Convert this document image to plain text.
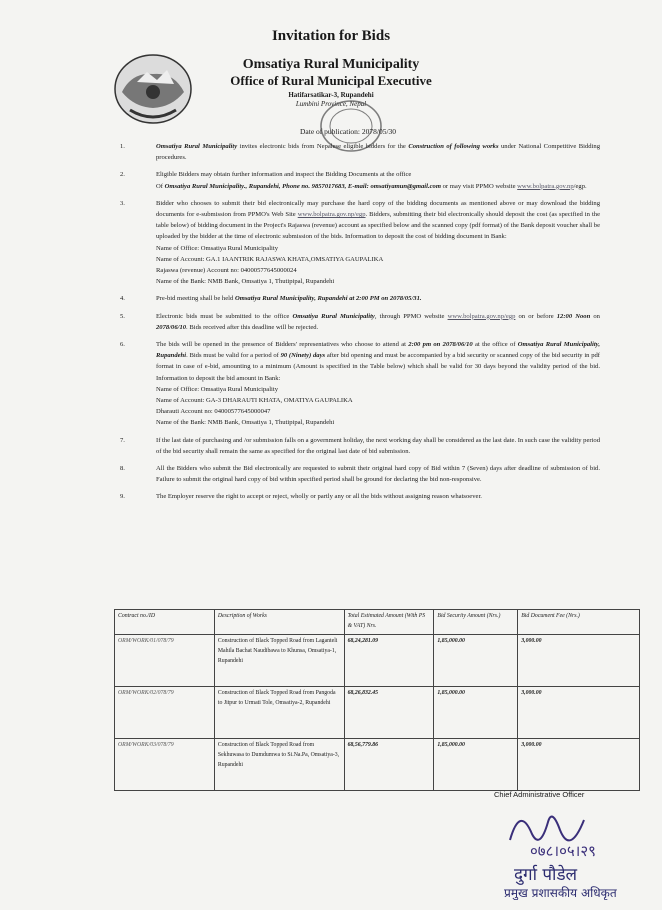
Invitation for Bids
Omsatiya Rural Municipality
Office of Rural Municipal Executive
Hatifarsatikar-3, Rupandehi
Lumbini Province, Nepal
Date of publication: 2078/05/30
1.	Omsatiya Rural Municipality invites electronic bids from Nepalese eligible bidders for the Construction of following works under National Competitive Bidding procedures.

2.	Eligible Bidders may obtain further information and inspect the Bidding Documents at the office

Of Omsatiya Rural Municipality., Rupandehi, Phone no. 9857017683, E-mail: omsatiyamun@gmail.com or may visit PPMO website www.bolpatra.gov.np/egp.

3.	Bidder who chooses to submit their bid electronically may purchase the hard copy of the bidding documents as mentioned above or may download the bidding documents for e-submission from PPMO's Web Site www.bolpatra.gov.np/egp. Bidders, submitting their bid electronically should deposit the cost (as specified in the table below) of bidding document in the Project's Rajaswa (revenue) account as specified below and the scanned copy (pdf format) of the Bank deposit voucher shall be uploaded by the bidder at the time of electronic submission of the bids. Information to deposit the cost of bidding document in Bank:

Name of Office: Omsatiya Rural Municipality

Name of Account: GA.1 IAANTRIK RAJASWA KHATA,OMSATIYA GAUPALIKA

Rajaswa (revenue) Account no: 04000577645000024

Name of the Bank: NMB Bank, Omsatiya 1, Thutipipal, Rupandehi

4.	Pre-bid meeting shall be held Omsatiya Rural Municipality, Rupandehi at 2:00 PM on 2078/05/31.

5.	Electronic bids must be submitted to the office Omsatiya Rural Municipality, through PPMO website www.bolpatra.gov.np/egp on or before 12:00 Noon on 2078/06/10. Bids received after this deadline will be rejected.

6.	The bids will be opened in the presence of Bidders' representatives who choose to attend at 2:00 pm on 2078/06/10 at the office of Omsatiya Rural Municipality, Rupandehi. Bids must be valid for a period of 90 (Ninety) days after bid opening and must be accompanied by a bid security or scanned copy of the bid security in pdf format in case of e-bid, amounting to a minimum (Amount is specified in the Table below) which shall be valid for 30 days beyond the validity period of the bid. Information to deposit the bid amount in Bank:

Name of Office: Omsatiya Rural Municipality

Name of Account: GA-3 DHARAUTI KHATA, OMATIYA GAUPALIKA

Dharauti Account no: 04000577645000047

Name of the Bank: NMB Bank, Omsatiya 1, Thutipipal, Rupandehi

7.	If the last date of purchasing and /or submission falls on a government holiday, the next working day shall be considered as the last date. In such case the validity period of the bid security shall remain the same as specified for the original last date of bid submission.

8.	All the Bidders who submit the Bid electronically are requested to submit their original hard copy of Bid within 7 (Seven) days after deadline of submission of bid. Failure to submit the original hard copy of bid within specified period shall be ground for declaring the bid non-responsive.

9.	The Employer reserve the right to accept or reject, wholly or partly any or all the bids without assigning reason whatsoever.

Contract no./ID	Description of Works	Total Estimated Amount (With PS & VAT) Nrs.	Bid Security Amount (Nrs.)	Bid Document Fee (Nrs.)
ORM/WORK/01/078/79	Construction of Black Topped Road from Laganteli Mahila Bachat Naudibawa to Khunsa, Omsatiya-1, Rupandehi	68,24,281.09	1,85,000.00	3,000.00
ORM/WORK/02/078/79	Construction of Black Topped Road from Pangoda to Jitpur to Urmati Tole, Omsatiya-2, Rupandehi	68,26,832.45	1,85,000.00	3,000.00
ORM/WORK/03/078/79	Construction of Black Topped Road from Sekhuwasa to Dumdumwa to Si.Na.Pa, Omsatiya-3, Rupandehi	68,56,779.86	1,85,000.00	3,000.00
Chief Administrative Officer
०७८।०५।२९
दुर्गा पौडेल
प्रमुख प्रशासकीय अधिकृत
